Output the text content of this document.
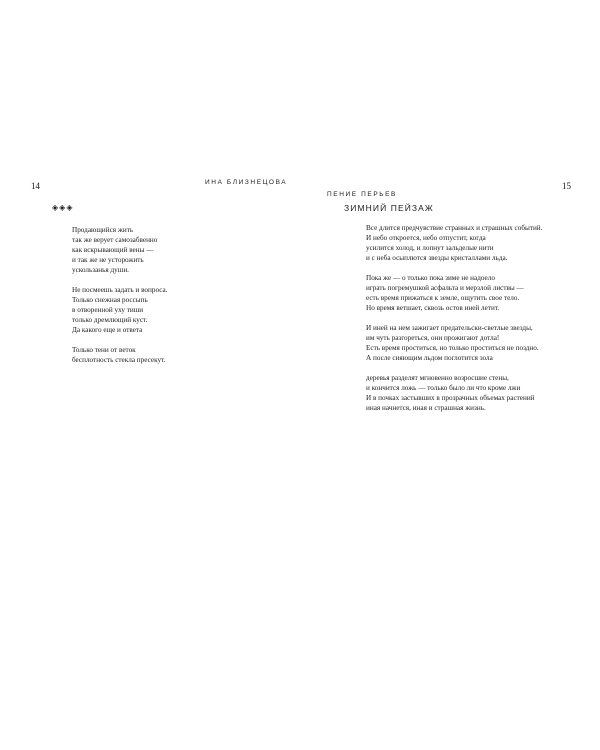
14	ИНА БЛИЗНЕЦОВА
◈ ◈ ◈
Продающийся жить
так же верует самозабвенно
как вскрывающий вены —
и так же не усторожить
ускользанья души.
Не посмеешь задать и вопроса.
Только снежная россыпь
в отворенной уху тиши
только дремлющий куст.
Да какого еще и ответа
Только тени от веток
бесплотность стекла пресекут.
15
ПЕНИЕ ПЕРЬЕВ
ЗИМНИЙ ПЕЙЗАЖ
Все длится предчувствие странных и страшных событий.
И небо откроется, небо отпустит, когда
усилится холод, и лопнут зальделые нити
и с неба осыплются звезды кристаллами льда.
Пока же — о только пока зиме не надоело
играть погремушкой асфальта и мерзлой листвы —
есть время прижаться к земле, ощутить свое тело.
Но время ветшает, сквозь остов иней летит.
И иней на нем зажигает предательски-светлые звезды,
им чуть разгореться, они прожигают дотла!
Есть время проститься, но только проститься не поздно.
А после сияющим льдом поглотится зола
деревья разделят мгновенно возросшие стены,
и кончится ложь — только было ли что кроме лжи
И в почках застывших в прозрачных объемах растений
иная начнется, иная и страшная жизнь.
